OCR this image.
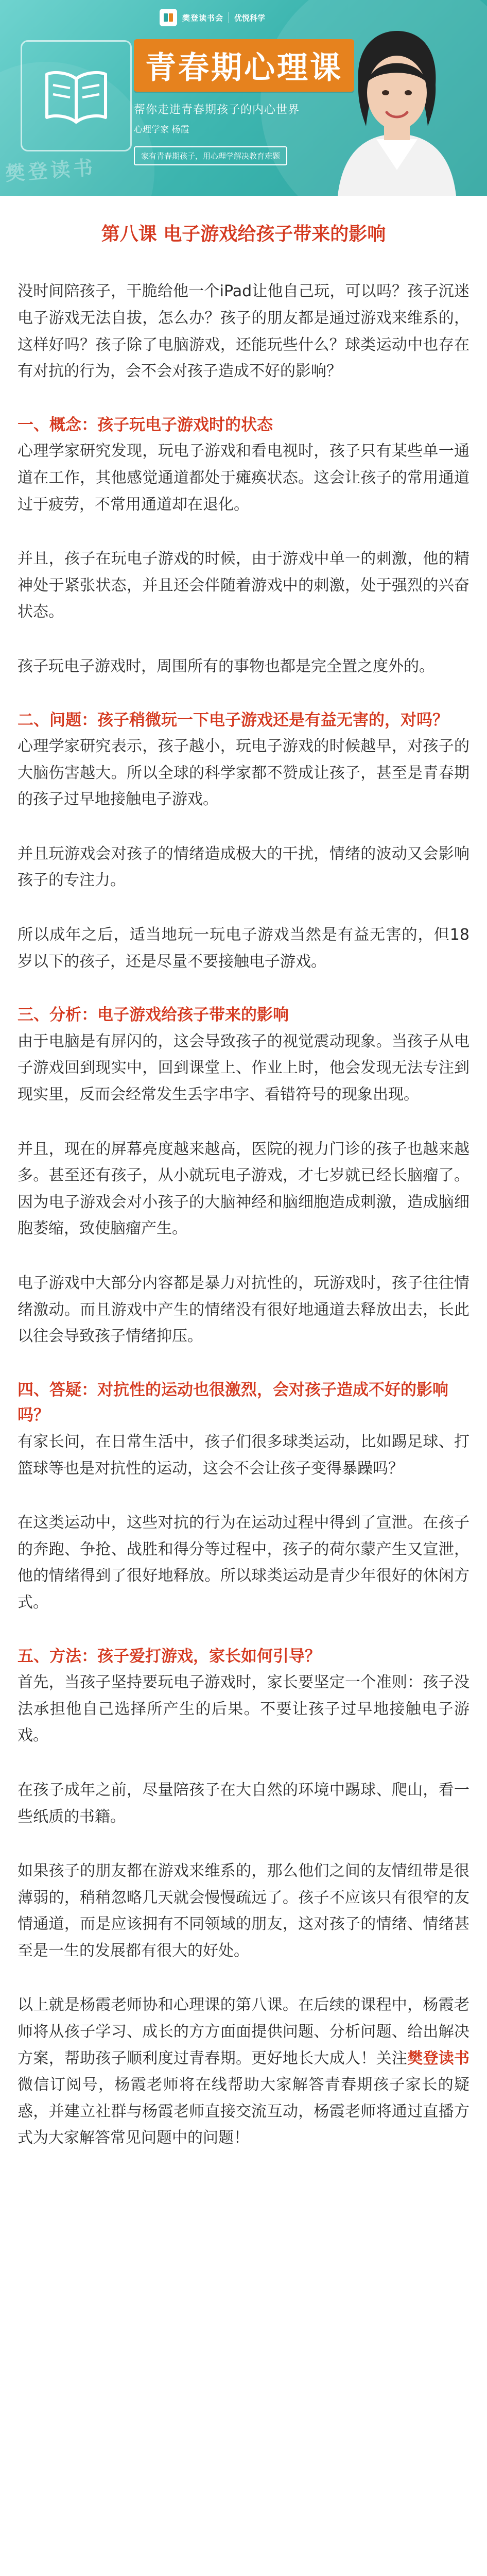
樊登读书会 优悦科学
青春期心理课
帮你走进青春期孩子的内心世界
心理学家 杨霞
家有青春期孩子，用心理学解决教育难题
樊登读书
第八课 电子游戏给孩子带来的影响

没时间陪孩子，干脆给他一个iPad让他自己玩，可以吗？孩子沉迷电子游戏无法自拔，怎么办？孩子的朋友都是通过游戏来维系的，这样好吗？孩子除了电脑游戏，还能玩些什么？球类运动中也存在有对抗的行为，会不会对孩子造成不好的影响？

一、概念：孩子玩电子游戏时的状态

心理学家研究发现，玩电子游戏和看电视时，孩子只有某些单一通道在工作，其他感觉通道都处于瘫痪状态。这会让孩子的常用通道过于疲劳，不常用通道却在退化。

并且，孩子在玩电子游戏的时候，由于游戏中单一的刺激，他的精神处于紧张状态，并且还会伴随着游戏中的刺激，处于强烈的兴奋状态。

孩子玩电子游戏时，周围所有的事物也都是完全置之度外的。

二、问题：孩子稍微玩一下电子游戏还是有益无害的，对吗？

心理学家研究表示，孩子越小，玩电子游戏的时候越早，对孩子的大脑伤害越大。所以全球的科学家都不赞成让孩子，甚至是青春期的孩子过早地接触电子游戏。

并且玩游戏会对孩子的情绪造成极大的干扰，情绪的波动又会影响孩子的专注力。

所以成年之后，适当地玩一玩电子游戏当然是有益无害的，但18岁以下的孩子，还是尽量不要接触电子游戏。

三、分析：电子游戏给孩子带来的影响

由于电脑是有屏闪的，这会导致孩子的视觉震动现象。当孩子从电子游戏回到现实中，回到课堂上、作业上时，他会发现无法专注到现实里，反而会经常发生丢字串字、看错符号的现象出现。

并且，现在的屏幕亮度越来越高，医院的视力门诊的孩子也越来越多。甚至还有孩子，从小就玩电子游戏，才七岁就已经长脑瘤了。因为电子游戏会对小孩子的大脑神经和脑细胞造成刺激，造成脑细胞萎缩，致使脑瘤产生。

电子游戏中大部分内容都是暴力对抗性的，玩游戏时，孩子往往情绪激动。而且游戏中产生的情绪没有很好地通道去释放出去，长此以往会导致孩子情绪抑压。

四、答疑：对抗性的运动也很激烈，会对孩子造成不好的影响吗？

有家长问，在日常生活中，孩子们很多球类运动，比如踢足球、打篮球等也是对抗性的运动，这会不会让孩子变得暴躁吗？

在这类运动中，这些对抗的行为在运动过程中得到了宣泄。在孩子的奔跑、争抢、战胜和得分等过程中，孩子的荷尔蒙产生又宣泄，他的情绪得到了很好地释放。所以球类运动是青少年很好的休闲方式。

五、方法：孩子爱打游戏，家长如何引导？

首先，当孩子坚持要玩电子游戏时，家长要坚定一个准则：孩子没法承担他自己选择所产生的后果。不要让孩子过早地接触电子游戏。

在孩子成年之前，尽量陪孩子在大自然的环境中踢球、爬山，看一些纸质的书籍。

如果孩子的朋友都在游戏来维系的，那么他们之间的友情纽带是很薄弱的，稍稍忽略几天就会慢慢疏远了。孩子不应该只有很窄的友情通道，而是应该拥有不同领域的朋友，这对孩子的情绪、情绪甚至是一生的发展都有很大的好处。

以上就是杨霞老师协和心理课的第八课。在后续的课程中，杨霞老师将从孩子学习、成长的方方面面提供问题、分析问题、给出解决方案，帮助孩子顺利度过青春期。更好地长大成人！关注樊登读书微信订阅号，杨霞老师将在线帮助大家解答青春期孩子家长的疑惑，并建立社群与杨霞老师直接交流互动，杨霞老师将通过直播方式为大家解答常见问题中的问题！
